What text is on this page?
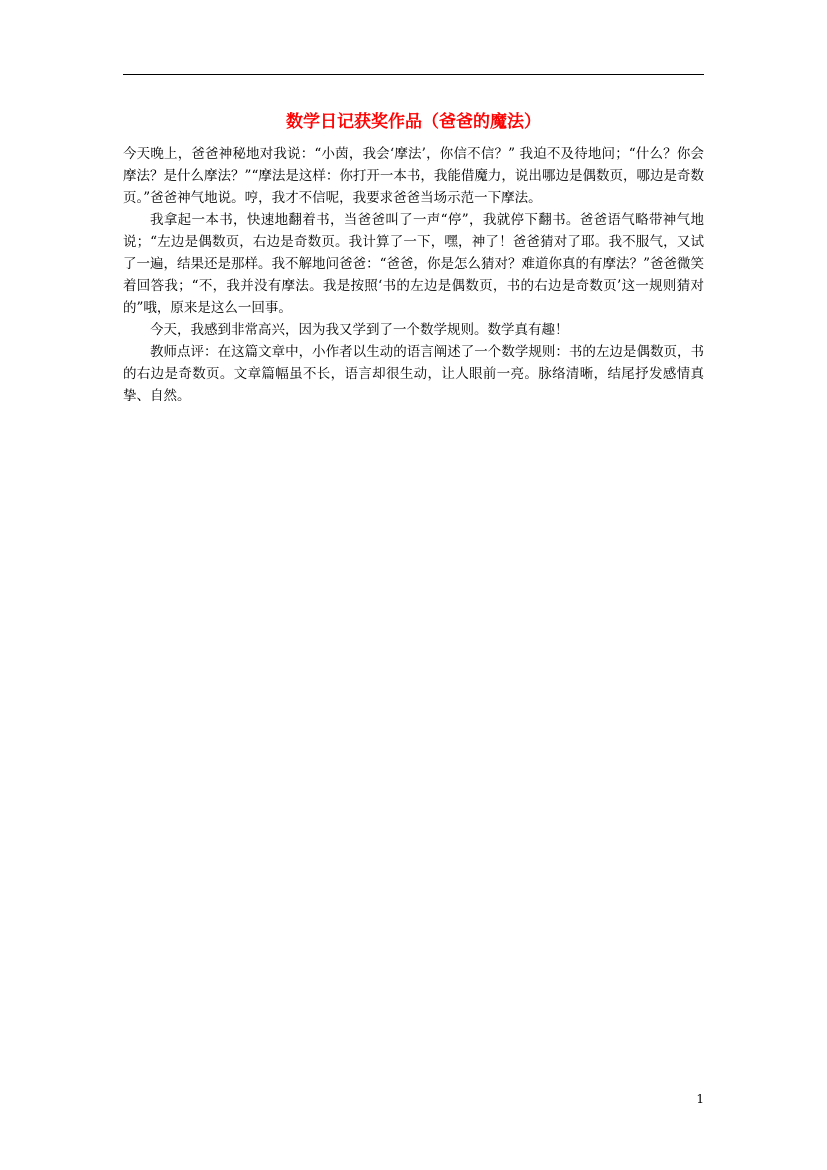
数学日记获奖作品（爸爸的魔法）

今天晚上，爸爸神秘地对我说：“小茵，我会‘摩法’，你信不信？” 我迫不及待地问；“什么？你会摩法？是什么摩法？”“摩法是这样：你打开一本书，我能借魔力，说出哪边是偶数页，哪边是奇数页。”爸爸神气地说。哼，我才不信呢，我要求爸爸当场示范一下摩法。

我拿起一本书，快速地翻着书，当爸爸叫了一声“停”，我就停下翻书。爸爸语气略带神气地说；“左边是偶数页，右边是奇数页。我计算了一下，嘿，神了！爸爸猜对了耶。我不服气，又试了一遍，结果还是那样。我不解地问爸爸：“爸爸，你是怎么猜对？难道你真的有摩法？”爸爸微笑着回答我；“不，我并没有摩法。我是按照‘书的左边是偶数页，书的右边是奇数页’这一规则猜对的”哦，原来是这么一回事。

今天，我感到非常高兴，因为我又学到了一个数学规则。数学真有趣！

教师点评：在这篇文章中，小作者以生动的语言阐述了一个数学规则：书的左边是偶数页，书的右边是奇数页。文章篇幅虽不长，语言却很生动，让人眼前一亮。脉络清晰，结尾抒发感情真挚、自然。

1
